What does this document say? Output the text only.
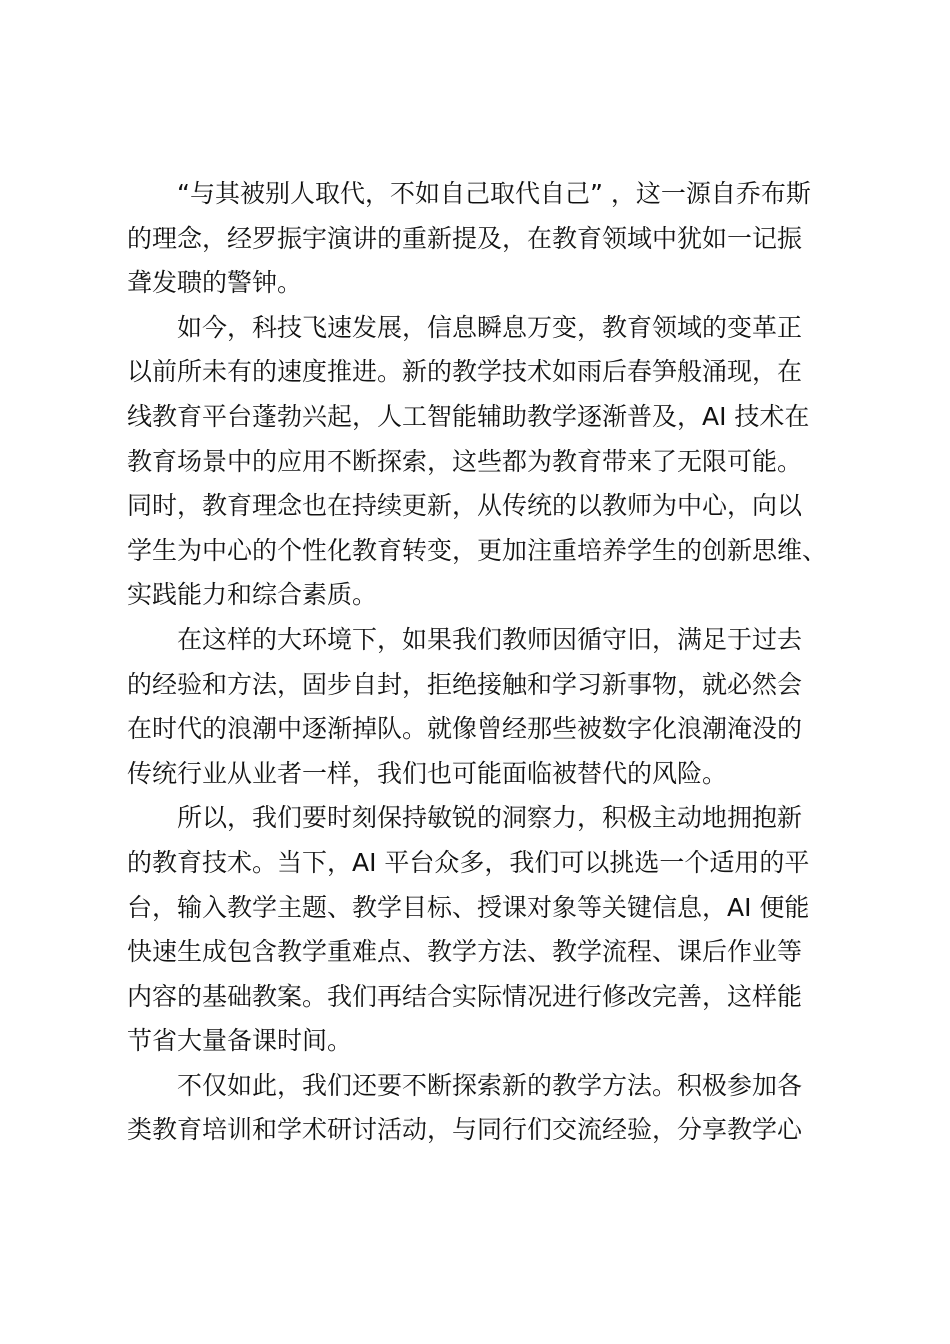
“与其被别人取代，不如自己取代自己” ，这一源自乔布斯
的理念，经罗振宇演讲的重新提及，在教育领域中犹如一记振
聋发聩的警钟。
如今，科技飞速发展，信息瞬息万变，教育领域的变革正
以前所未有的速度推进。新的教学技术如雨后春笋般涌现，在
线教育平台蓬勃兴起，人工智能辅助教学逐渐普及，AI 技术在
教育场景中的应用不断探索，这些都为教育带来了无限可能。
同时，教育理念也在持续更新，从传统的以教师为中心，向以
学生为中心的个性化教育转变，更加注重培养学生的创新思维、
实践能力和综合素质。
在这样的大环境下，如果我们教师因循守旧，满足于过去
的经验和方法，固步自封，拒绝接触和学习新事物，就必然会
在时代的浪潮中逐渐掉队。就像曾经那些被数字化浪潮淹没的
传统行业从业者一样，我们也可能面临被替代的风险。
所以，我们要时刻保持敏锐的洞察力，积极主动地拥抱新
的教育技术。当下，AI 平台众多，我们可以挑选一个适用的平
台，输入教学主题、教学目标、授课对象等关键信息，AI 便能
快速生成包含教学重难点、教学方法、教学流程、课后作业等
内容的基础教案。我们再结合实际情况进行修改完善，这样能
节省大量备课时间。
不仅如此，我们还要不断探索新的教学方法。积极参加各
类教育培训和学术研讨活动，与同行们交流经验，分享教学心
